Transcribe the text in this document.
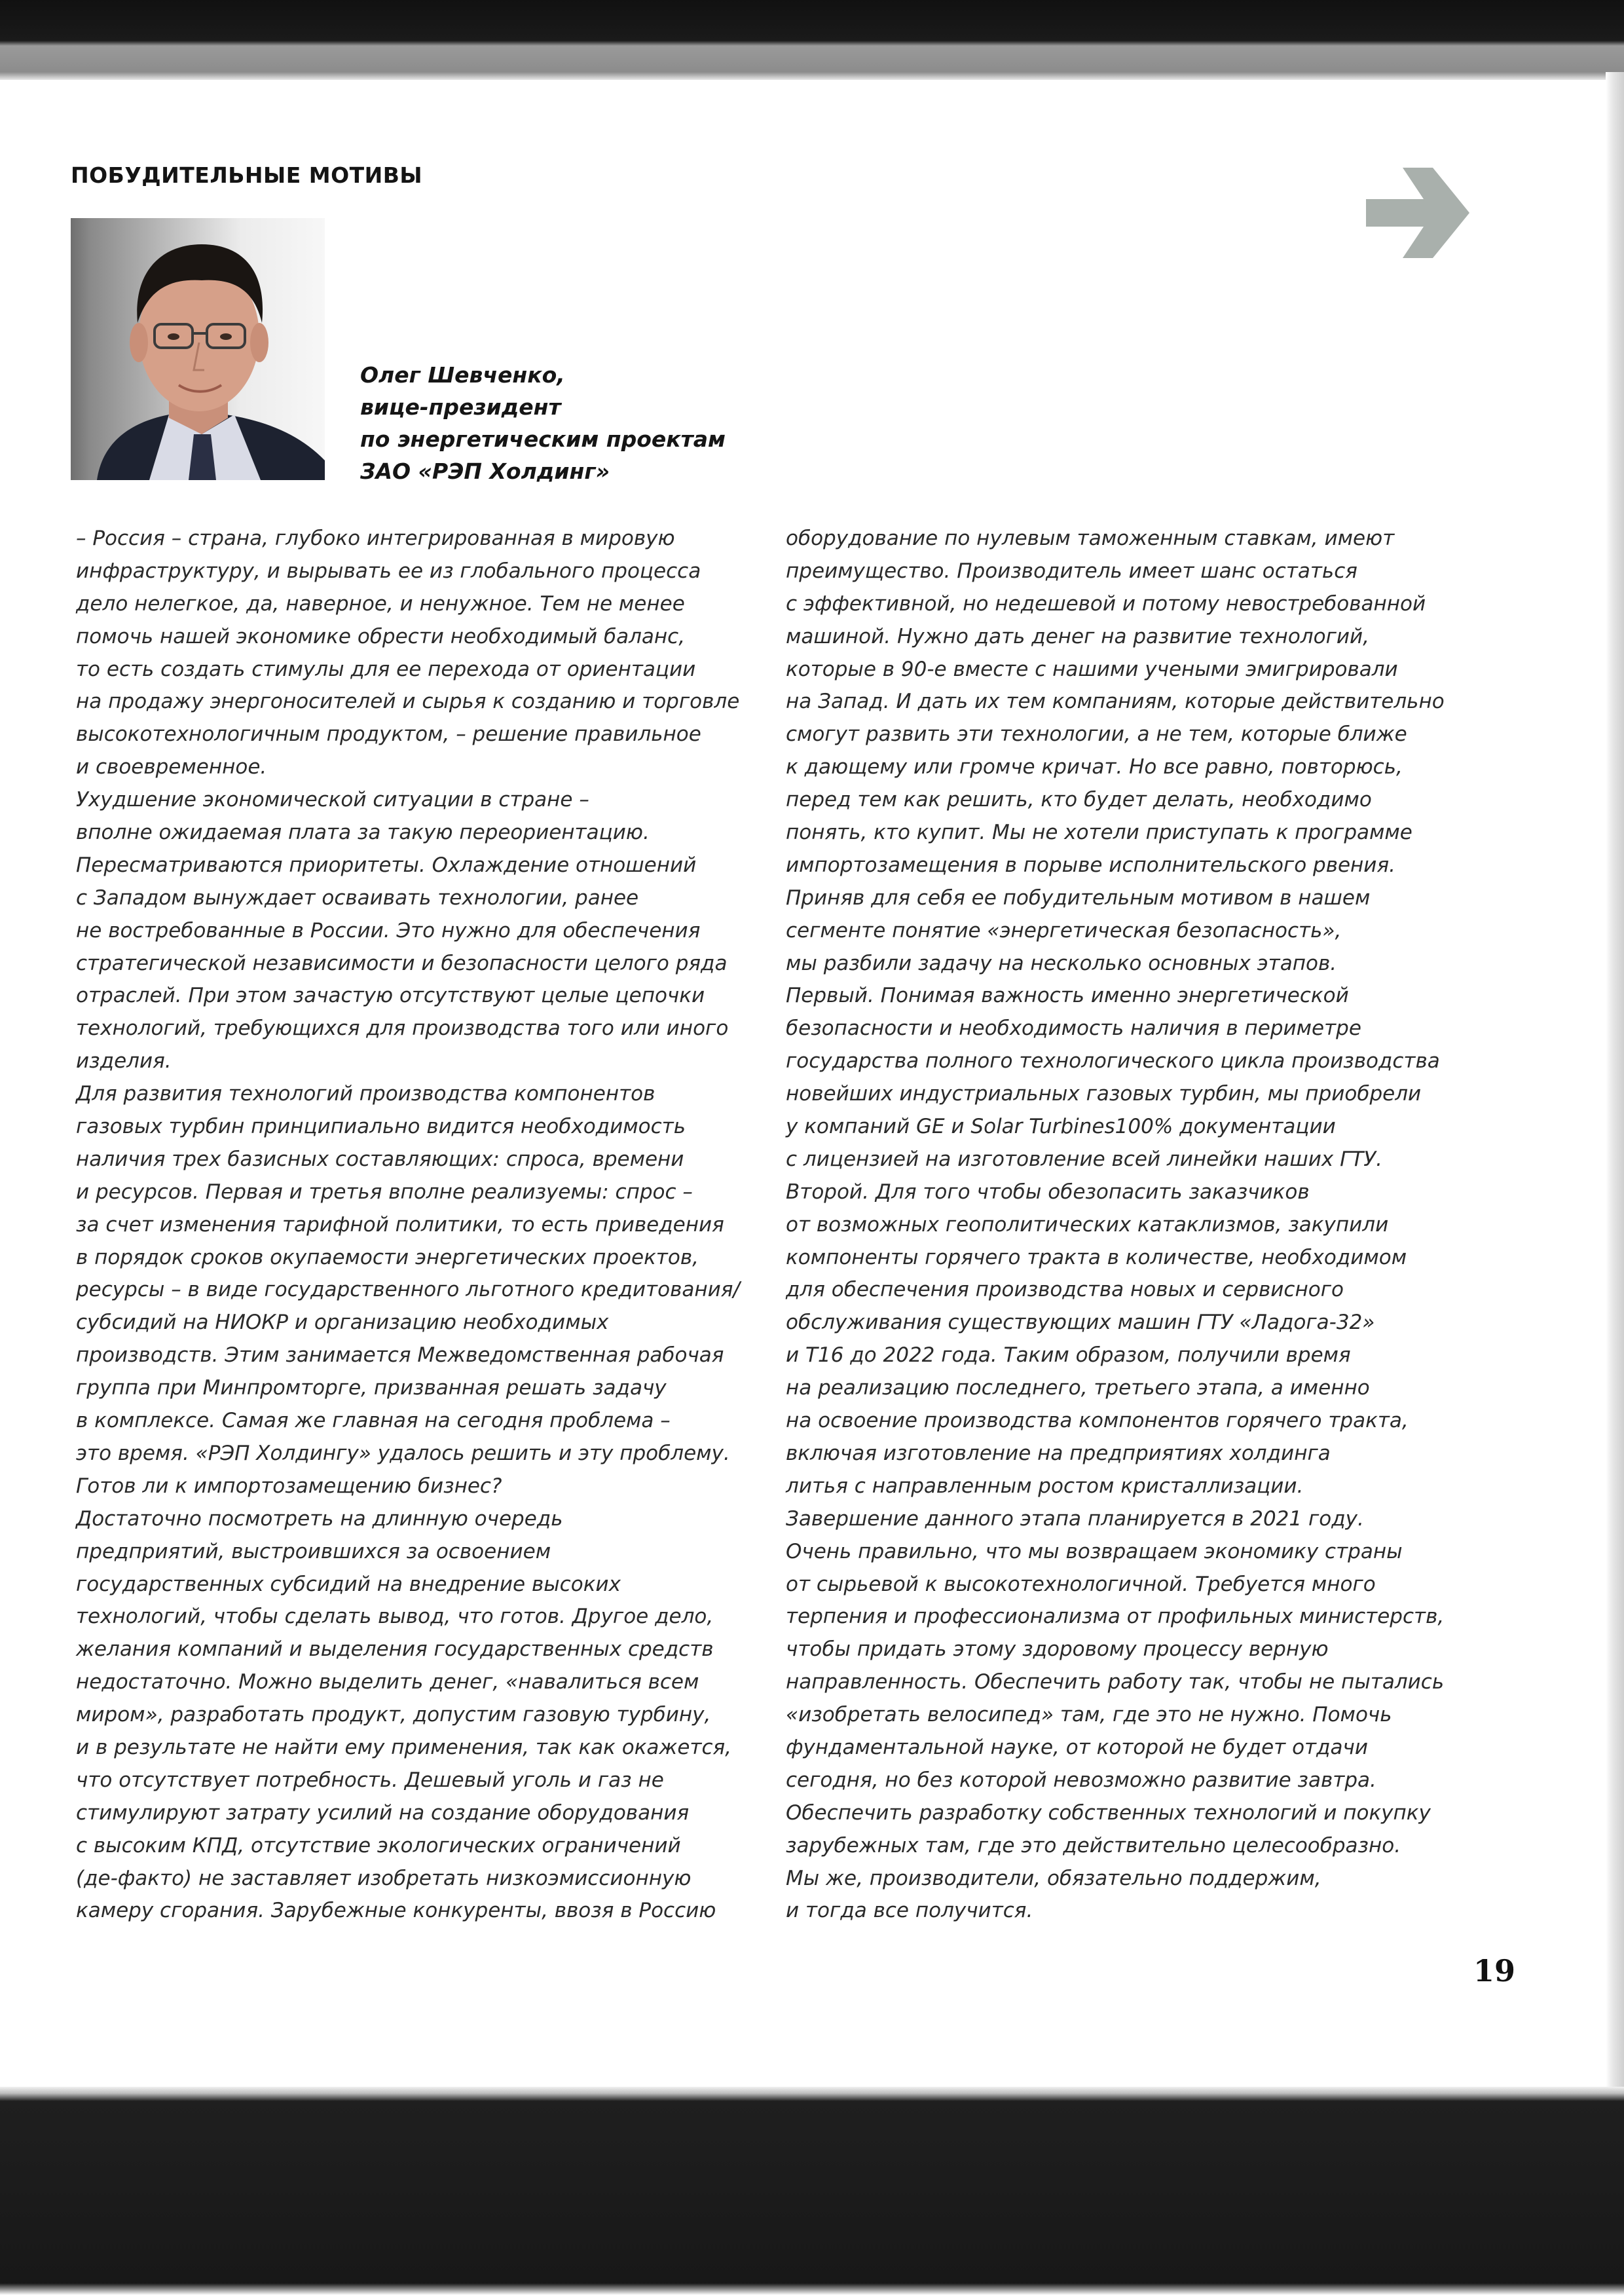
ПОБУДИТЕЛЬНЫЕ МОТИВЫ
Олег Шевченко,
вице-президент
по энергетическим проектам
ЗАО «РЭП Холдинг»
– Россия – страна, глубоко интегрированная в мировую
инфраструктуру, и вырывать ее из глобального процесса
дело нелегкое, да, наверное, и ненужное. Тем не менее
помочь нашей экономике обрести необходимый баланс,
то есть создать стимулы для ее перехода от ориентации
на продажу энергоносителей и сырья к созданию и торговле
высокотехнологичным продуктом, – решение правильное
и своевременное.
Ухудшение экономической ситуации в стране –
вполне ожидаемая плата за такую переориентацию.
Пересматриваются приоритеты. Охлаждение отношений
с Западом вынуждает осваивать технологии, ранее
не востребованные в России. Это нужно для обеспечения
стратегической независимости и безопасности целого ряда
отраслей. При этом зачастую отсутствуют целые цепочки
технологий, требующихся для производства того или иного
изделия.
Для развития технологий производства компонентов
газовых турбин принципиально видится необходимость
наличия трех базисных составляющих: спроса, времени
и ресурсов. Первая и третья вполне реализуемы: спрос –
за счет изменения тарифной политики, то есть приведения
в порядок сроков окупаемости энергетических проектов,
ресурсы – в виде государственного льготного кредитования/
субсидий на НИОКР и организацию необходимых
производств. Этим занимается Межведомственная рабочая
группа при Минпромторге, призванная решать задачу
в комплексе. Самая же главная на сегодня проблема –
это время. «РЭП Холдингу» удалось решить и эту проблему.
Готов ли к импортозамещению бизнес?
Достаточно посмотреть на длинную очередь
предприятий, выстроившихся за освоением
государственных субсидий на внедрение высоких
технологий, чтобы сделать вывод, что готов. Другое дело,
желания компаний и выделения государственных средств
недостаточно. Можно выделить денег, «навалиться всем
миром», разработать продукт, допустим газовую турбину,
и в результате не найти ему применения, так как окажется,
что отсутствует потребность. Дешевый уголь и газ не
стимулируют затрату усилий на создание оборудования
с высоким КПД, отсутствие экологических ограничений
(де-факто) не заставляет изобретать низкоэмиссионную
камеру сгорания. Зарубежные конкуренты, ввозя в Россию
оборудование по нулевым таможенным ставкам, имеют
преимущество. Производитель имеет шанс остаться
с эффективной, но недешевой и потому невостребованной
машиной. Нужно дать денег на развитие технологий,
которые в 90-е вместе с нашими учеными эмигрировали
на Запад. И дать их тем компаниям, которые действительно
смогут развить эти технологии, а не тем, которые ближе
к дающему или громче кричат. Но все равно, повторюсь,
перед тем как решить, кто будет делать, необходимо
понять, кто купит. Мы не хотели приступать к программе
импортозамещения в порыве исполнительского рвения.
Приняв для себя ее побудительным мотивом в нашем
сегменте понятие «энергетическая безопасность»,
мы разбили задачу на несколько основных этапов.
Первый. Понимая важность именно энергетической
безопасности и необходимость наличия в периметре
государства полного технологического цикла производства
новейших индустриальных газовых турбин, мы приобрели
у компаний GE и Solar Turbines100% документации
с лицензией на изготовление всей линейки наших ГТУ.
Второй. Для того чтобы обезопасить заказчиков
от возможных геополитических катаклизмов, закупили
компоненты горячего тракта в количестве, необходимом
для обеспечения производства новых и сервисного
обслуживания существующих машин ГТУ «Ладога-32»
и Т16 до 2022 года. Таким образом, получили время
на реализацию последнего, третьего этапа, а именно
на освоение производства компонентов горячего тракта,
включая изготовление на предприятиях холдинга
литья с направленным ростом кристаллизации.
Завершение данного этапа планируется в 2021 году.
Очень правильно, что мы возвращаем экономику страны
от сырьевой к высокотехнологичной. Требуется много
терпения и профессионализма от профильных министерств,
чтобы придать этому здоровому процессу верную
направленность. Обеспечить работу так, чтобы не пытались
«изобретать велосипед» там, где это не нужно. Помочь
фундаментальной науке, от которой не будет отдачи
сегодня, но без которой невозможно развитие завтра.
Обеспечить разработку собственных технологий и покупку
зарубежных там, где это действительно целесообразно.
Мы же, производители, обязательно поддержим,
и тогда все получится.
19
